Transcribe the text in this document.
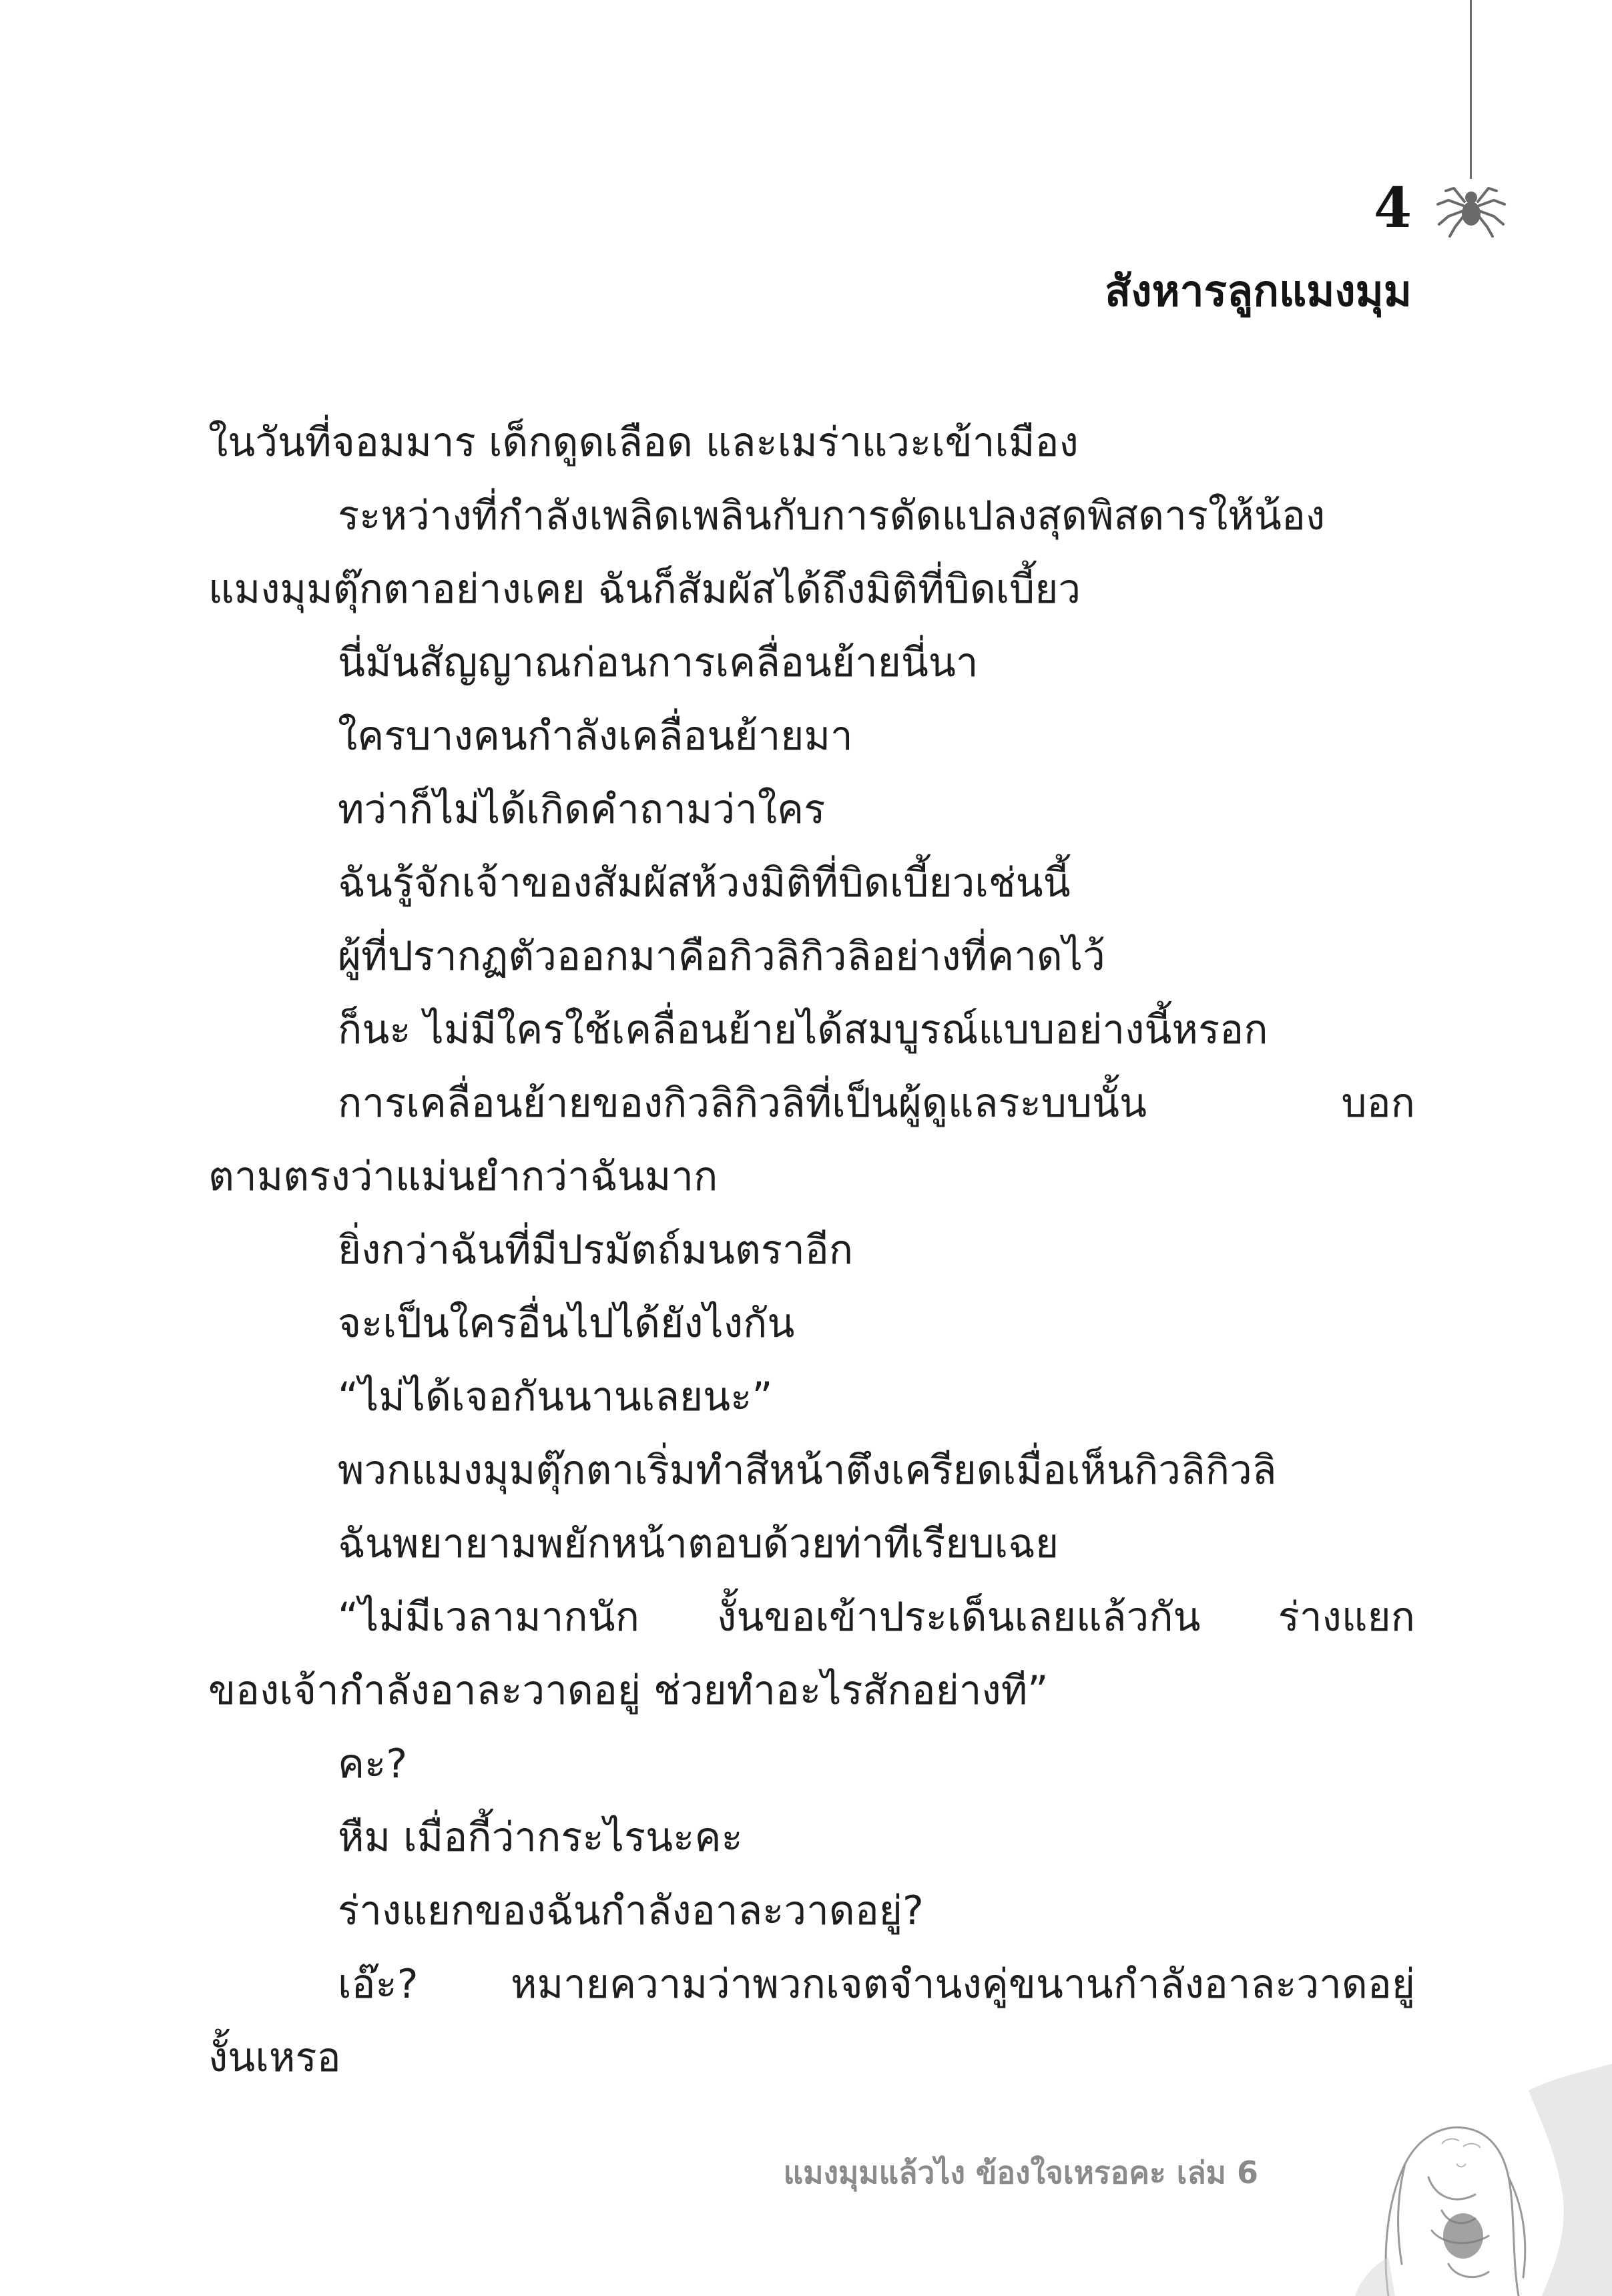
4
สังหารลูกแมงมุม
ในวันที่จอมมาร เด็กดูดเลือด และเมร่าแวะเข้าเมือง
ระหว่างที่กำลังเพลิดเพลินกับการดัดแปลงสุดพิสดารให้น้อง
แมงมุมตุ๊กตาอย่างเคย ฉันก็สัมผัสได้ถึงมิติที่บิดเบี้ยว
นี่มันสัญญาณก่อนการเคลื่อนย้ายนี่นา
ใครบางคนกำลังเคลื่อนย้ายมา
ทว่าก็ไม่ได้เกิดคำถามว่าใคร
ฉันรู้จักเจ้าของสัมผัสห้วงมิติที่บิดเบี้ยวเช่นนี้
ผู้ที่ปรากฏตัวออกมาคือกิวลิกิวลิอย่างที่คาดไว้
ก็นะ ไม่มีใครใช้เคลื่อนย้ายได้สมบูรณ์แบบอย่างนี้หรอก
การเคลื่อนย้ายของกิวลิกิวลิที่เป็นผู้ดูแลระบบนั้น บอก
ตามตรงว่าแม่นยำกว่าฉันมาก
ยิ่งกว่าฉันที่มีปรมัตถ์มนตราอีก
จะเป็นใครอื่นไปได้ยังไงกัน
“ไม่ได้เจอกันนานเลยนะ”
พวกแมงมุมตุ๊กตาเริ่มทำสีหน้าตึงเครียดเมื่อเห็นกิวลิกิวลิ
ฉันพยายามพยักหน้าตอบด้วยท่าทีเรียบเฉย
“ไม่มีเวลามากนัก งั้นขอเข้าประเด็นเลยแล้วกัน ร่างแยก
ของเจ้ากำลังอาละวาดอยู่ ช่วยทำอะไรสักอย่างที”
คะ?
หืม เมื่อกี้ว่ากระไรนะคะ
ร่างแยกของฉันกำลังอาละวาดอยู่?
เอ๊ะ? หมายความว่าพวกเจตจำนงคู่ขนานกำลังอาละวาดอยู่
งั้นเหรอ
แมงมุมแล้วไง ข้องใจเหรอคะ เล่ม 6
